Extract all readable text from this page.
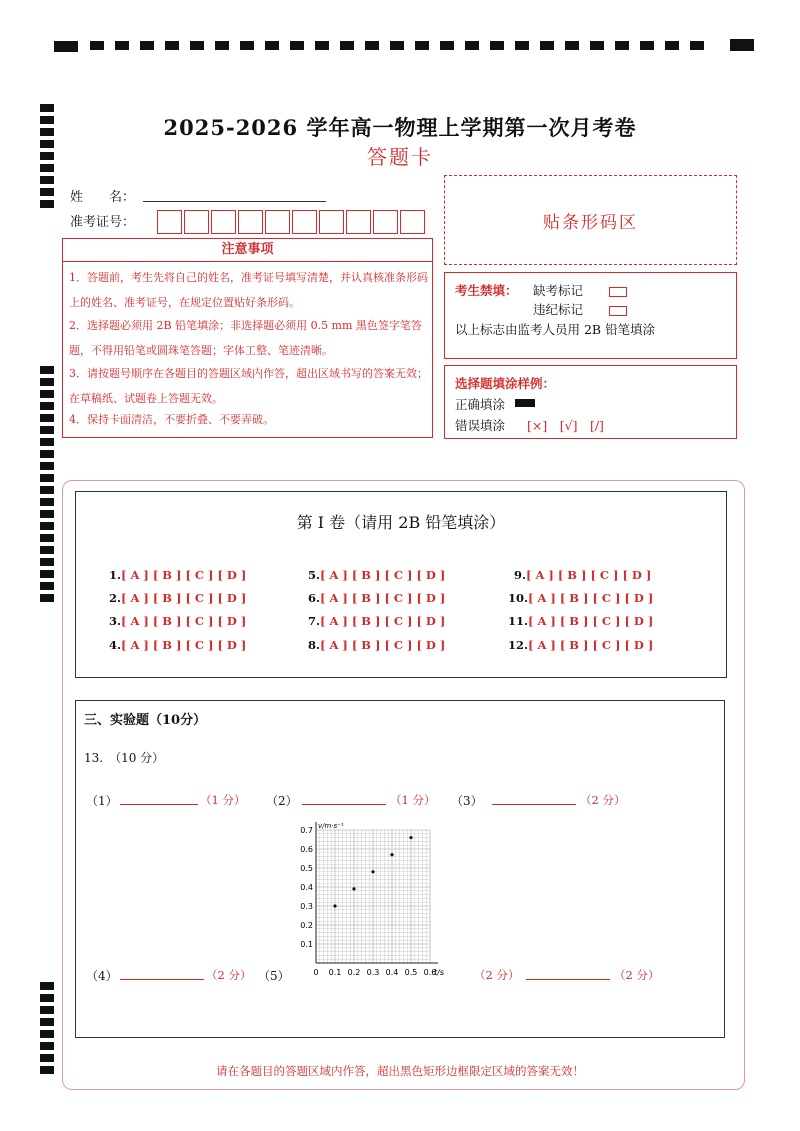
2025-2026 学年高一物理上学期第一次月考卷
答题卡
姓　　名：
准考证号：	贴条形码区
注意事项
1．答题前，考生先将自己的姓名，准考证号填写清楚，并认真核准条形码上的姓名、准考证号，在规定位置贴好条形码。
2．选择题必须用 2B 铅笔填涂；非选择题必须用 0.5 mm 黑色签字笔答题，不得用铅笔或圆珠笔答题；字体工整、笔迹清晰。
3．请按题号顺序在各题目的答题区域内作答，超出区域书写的答案无效；在草稿纸、试题卷上答题无效。
4．保持卡面清洁，不要折叠、不要弄破。
考生禁填： 缺考标记
违纪标记
以上标志由监考人员用 2B 铅笔填涂
选择题填涂样例：
正确填涂
错误填涂 [×]　[√]　[/]
第 I 卷（请用 2B 铅笔填涂）
1.[ A ] [ B ] [ C ] [ D ]
2.[ A ] [ B ] [ C ] [ D ]
3.[ A ] [ B ] [ C ] [ D ]
4.[ A ] [ B ] [ C ] [ D ]
5.[ A ] [ B ] [ C ] [ D ]
6.[ A ] [ B ] [ C ] [ D ]
7.[ A ] [ B ] [ C ] [ D ]
8.[ A ] [ B ] [ C ] [ D ]
9.[ A ] [ B ] [ C ] [ D ]
10.[ A ] [ B ] [ C ] [ D ]
11.[ A ] [ B ] [ C ] [ D ]
12.[ A ] [ B ] [ C ] [ D ]
三、实验题（10分）
13.　（10 分）
（1）	（1 分） （2）	（1 分） （3）	（2 分）
（4）	（2 分） （5）	（2 分）	（2 分）
0 0.1 0.2 0.3 0.4 0.5 0.6
0.1
0.2
0.3
0.4
0.5
0.6
0.7
t/s
v/m·s⁻¹
请在各题目的答题区域内作答，超出黑色矩形边框限定区域的答案无效！
